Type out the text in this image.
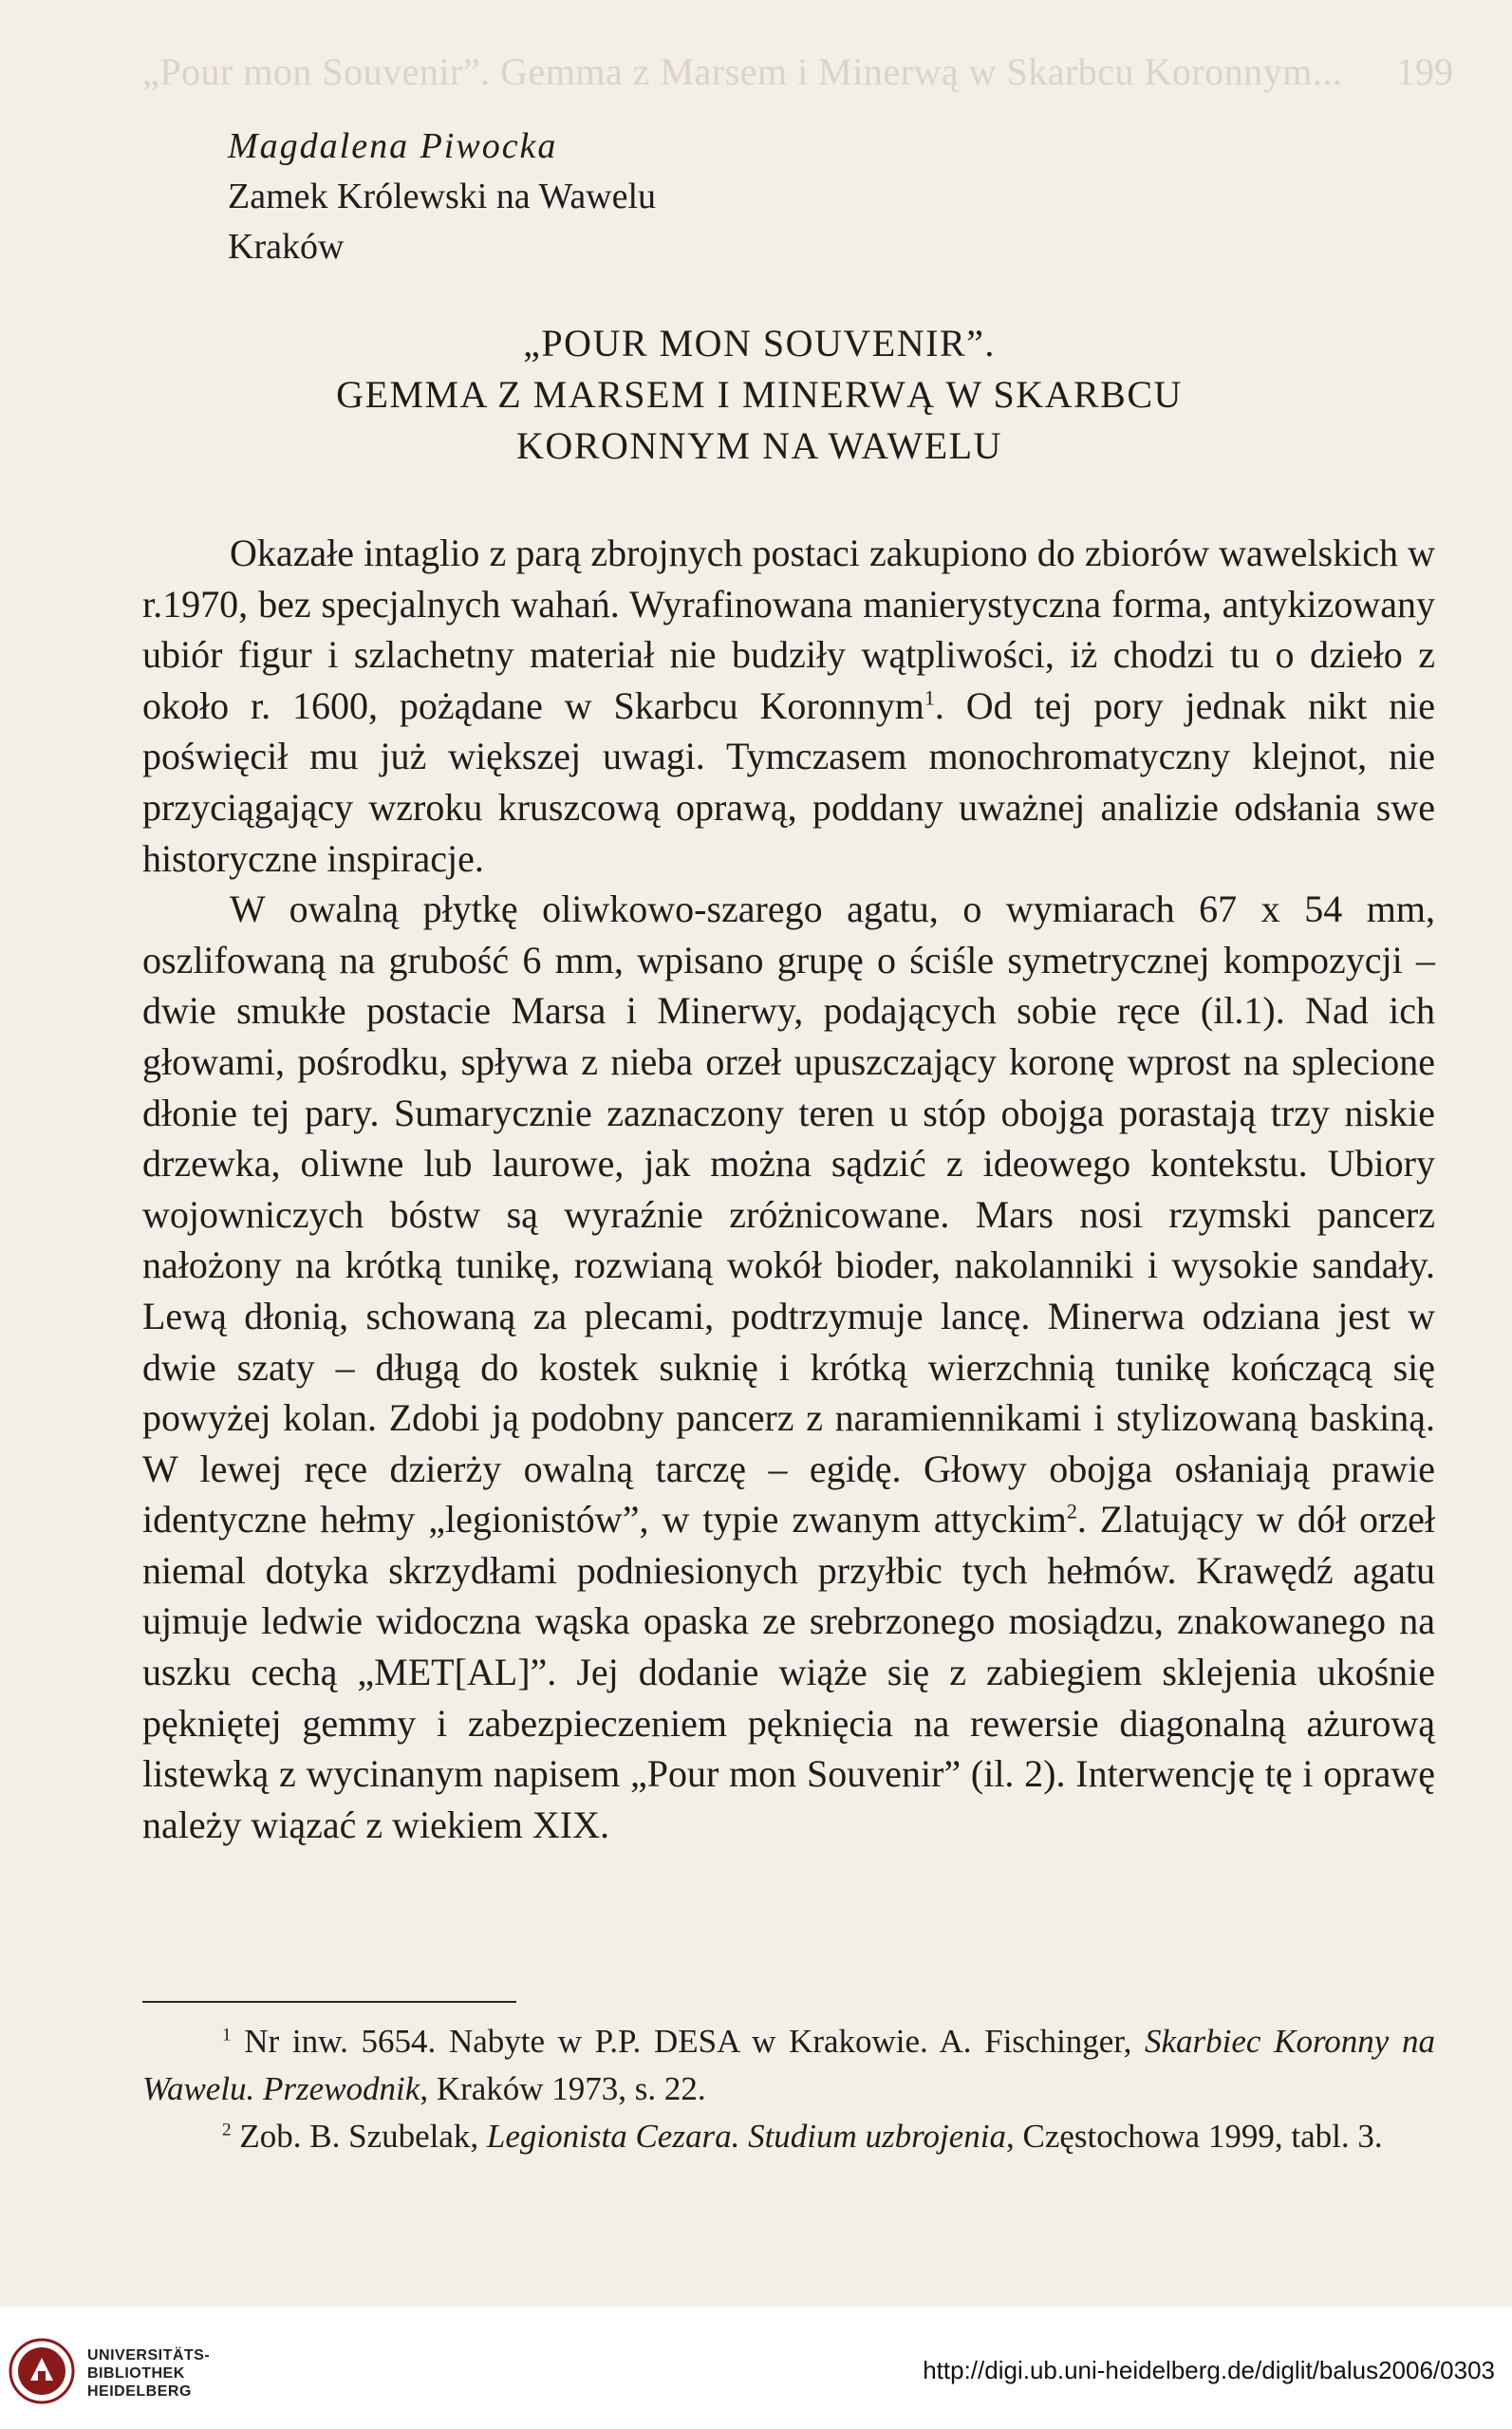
„Pour mon Souvenir”. Gemma z Marsem i Minerwą w Skarbcu Koronnym...	199
Magdalena Piwocka
Zamek Królewski na Wawelu
Kraków
„POUR MON SOUVENIR”.
GEMMA Z MARSEM I MINERWĄ W SKARBCU
KORONNYM NA WAWELU

Okazałe intaglio z parą zbrojnych postaci zakupiono do zbiorów wawelskich w r.1970, bez specjalnych wahań. Wyrafinowana manierystyczna forma, antykizowany ubiór figur i szlachetny materiał nie budziły wątpliwości, iż chodzi tu o dzieło z około r. 1600, pożądane w Skarbcu Koronnym$^1$. Od tej pory jednak nikt nie poświęcił mu już większej uwagi. Tymczasem monochromatyczny klejnot, nie przyciągający wzroku kruszcową oprawą, poddany uważnej analizie odsłania swe historyczne inspiracje.

W owalną płytkę oliwkowo-szarego agatu, o wymiarach 67 x 54 mm, oszlifowaną na grubość 6 mm, wpisano grupę o ściśle symetrycznej kompozycji – dwie smukłe postacie Marsa i Minerwy, podających sobie ręce (il.1). Nad ich głowami, pośrodku, spływa z nieba orzeł upuszczający koronę wprost na splecione dłonie tej pary. Sumarycznie zaznaczony teren u stóp obojga porastają trzy niskie drzewka, oliwne lub laurowe, jak można sądzić z ideowego kontekstu. Ubiory wojowniczych bóstw są wyraźnie zróżnicowane. Mars nosi rzymski pancerz nałożony na krótką tunikę, rozwianą wokół bioder, nakolanniki i wysokie sandały. Lewą dłonią, schowaną za plecami, podtrzymuje lancę. Minerwa odziana jest w dwie szaty – długą do kostek suknię i krótką wierzchnią tunikę kończącą się powyżej kolan. Zdobi ją podobny pancerz z naramiennikami i stylizowaną baskiną. W lewej ręce dzierży owalną tarczę – egidę. Głowy obojga osłaniają prawie identyczne hełmy „legionistów”, w typie zwanym attyckim$^2$. Zlatujący w dół orzeł niemal dotyka skrzydłami podniesionych przyłbic tych hełmów. Krawędź agatu ujmuje ledwie widoczna wąska opaska ze srebrzonego mosiądzu, znakowanego na uszku cechą „MET[AL]”. Jej dodanie wiąże się z zabiegiem sklejenia ukośnie pękniętej gemmy i zabezpieczeniem pęknięcia na rewersie diagonalną ażurową listewką z wycinanym napisem „Pour mon Souvenir” (il. 2). Interwencję tę i oprawę należy wiązać z wiekiem XIX.

$^1$ Nr inw. 5654. Nabyte w P.P. DESA w Krakowie. A. Fischinger, Skarbiec Koronny na Wawelu. Przewodnik, Kraków 1973, s. 22.

$^2$ Zob. B. Szubelak, Legionista Cezara. Studium uzbrojenia, Częstochowa 1999, tabl. 3.

UNIVERSITÄTS-
BIBLIOTHEK
HEIDELBERG
http://digi.ub.uni-heidelberg.de/diglit/balus2006/0303
